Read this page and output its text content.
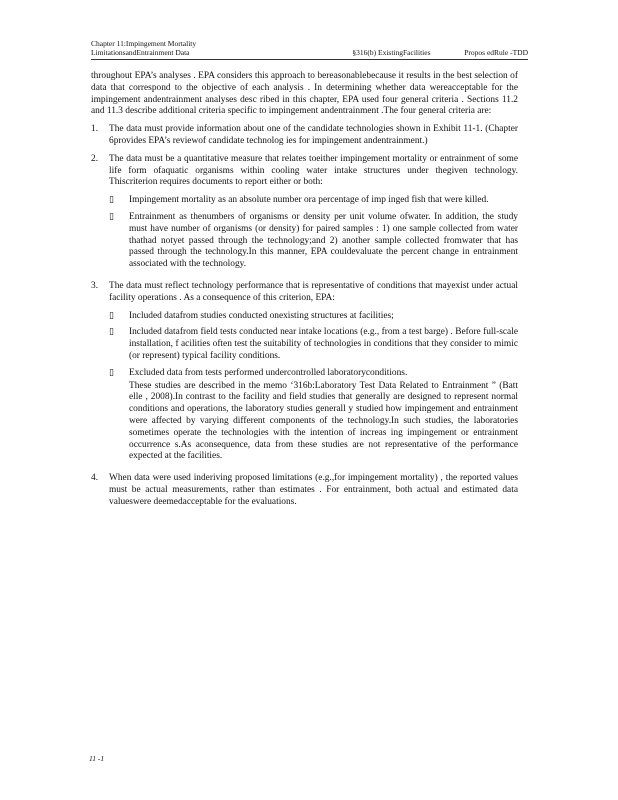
Chapter 11:Impingement Mortality
LimitationsandEntrainment Data	§316(b) ExistingFacilities	Propos edRule -TDD

throughout EPA’s analyses . EPA considers this approach to bereasonablebecause it results in the best selection of data that correspond to the objective of each analysis . In determining whether data wereacceptable for the impingement andentrainment analyses desc ribed in this chapter, EPA used four general criteria . Sections 11.2 and 11.3 describe additional criteria specific to impingement andentrainment .The four general criteria are:

1.	The data must provide information about one of the candidate technologies shown in Exhibit 11-1. (Chapter 6provides EPA’s reviewof candidate technolog ies for impingement andentrainment.)

2.	The data must be a quantitative measure that relates toeither impingement mortality or entrainment of some life form ofaquatic organisms within cooling water intake structures under thegiven technology. Thiscriterion requires documents to report either or both:

▯	Impingement mortality as an absolute number ora percentage of imp inged fish that were killed.

▯	Entrainment as thenumbers of organisms or density per unit volume ofwater. In addition, the study must have number of organisms (or density) for paired samples : 1) one sample collected from water thathad notyet passed through the technology;and 2) another sample collected fromwater that has passed through the technology.In this manner, EPA couldevaluate the percent change in entrainment associated with the technology.

3.	The data must reflect technology performance that is representative of conditions that mayexist under actual facility operations . As a consequence of this criterion, EPA:

▯	Included datafrom studies conducted onexisting structures at facilities;

▯	Included datafrom field tests conducted near intake locations (e.g., from a test barge) . Before full-scale installation, f acilities often test the suitability of technologies in conditions that they consider to mimic (or represent) typical facility conditions.

▯	Excluded data from tests performed undercontrolled laboratoryconditions.

These studies are described in the memo ‘316b:Laboratory Test Data Related to Entrainment ” (Batt elle , 2008).In contrast to the facility and field studies that generally are designed to represent normal conditions and operations, the laboratory studies generall y studied how impingement and entrainment were affected by varying different components of the technology.In such studies, the laboratories sometimes operate the technologies with the intention of increas ing impingement or entrainment occurrence s.As aconsequence, data from these studies are not representative of the performance expected at the facilities.

4.	When data were used inderiving proposed limitations (e.g.,for impingement mortality) , the reported values must be actual measurements, rather than estimates . For entrainment, both actual and estimated data valueswere deemedacceptable for the evaluations.

11 -1
